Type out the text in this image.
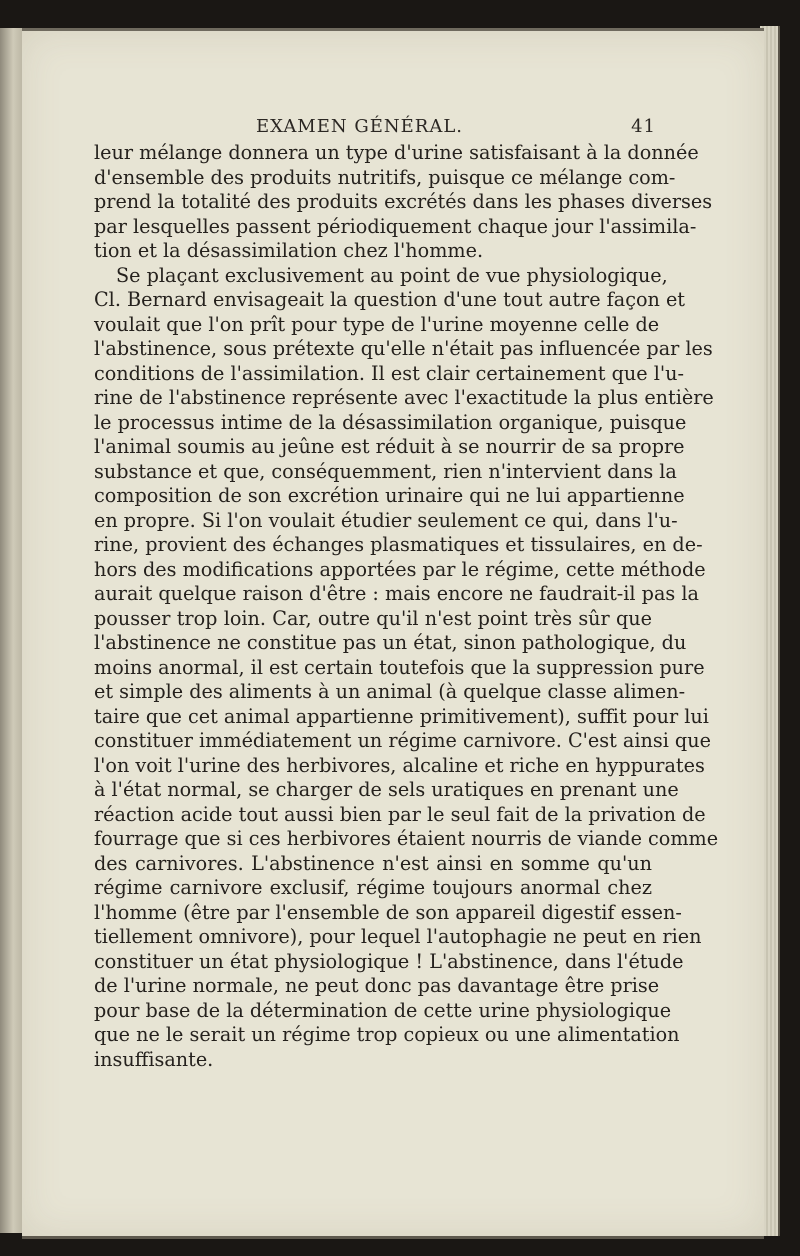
EXAMEN GÉNÉRAL.	41
leur mélange donnera un type d'urine satisfaisant à la donnée
d'ensemble des produits nutritifs, puisque ce mélange com-
prend la totalité des produits excrétés dans les phases diverses
par lesquelles passent périodiquement chaque jour l'assimila-
tion et la désassimilation chez l'homme.
Se plaçant exclusivement au point de vue physiologique,
Cl. Bernard envisageait la question d'une tout autre façon et
voulait que l'on prît pour type de l'urine moyenne celle de
l'abstinence, sous prétexte qu'elle n'était pas influencée par les
conditions de l'assimilation. Il est clair certainement que l'u-
rine de l'abstinence représente avec l'exactitude la plus entière
le processus intime de la désassimilation organique, puisque
l'animal soumis au jeûne est réduit à se nourrir de sa propre
substance et que, conséquemment, rien n'intervient dans la
composition de son excrétion urinaire qui ne lui appartienne
en propre. Si l'on voulait étudier seulement ce qui, dans l'u-
rine, provient des échanges plasmatiques et tissulaires, en de-
hors des modifications apportées par le régime, cette méthode
aurait quelque raison d'être : mais encore ne faudrait-il pas la
pousser trop loin. Car, outre qu'il n'est point très sûr que
l'abstinence ne constitue pas un état, sinon pathologique, du
moins anormal, il est certain toutefois que la suppression pure
et simple des aliments à un animal (à quelque classe alimen-
taire que cet animal appartienne primitivement), suffit pour lui
constituer immédiatement un régime carnivore. C'est ainsi que
l'on voit l'urine des herbivores, alcaline et riche en hyppurates
à l'état normal, se charger de sels uratiques en prenant une
réaction acide tout aussi bien par le seul fait de la privation de
fourrage que si ces herbivores étaient nourris de viande comme
des carnivores. L'abstinence n'est ainsi en somme qu'un
régime carnivore exclusif, régime toujours anormal chez
l'homme (être par l'ensemble de son appareil digestif essen-
tiellement omnivore), pour lequel l'autophagie ne peut en rien
constituer un état physiologique ! L'abstinence, dans l'étude
de l'urine normale, ne peut donc pas davantage être prise
pour base de la détermination de cette urine physiologique
que ne le serait un régime trop copieux ou une alimentation
insuffisante.
